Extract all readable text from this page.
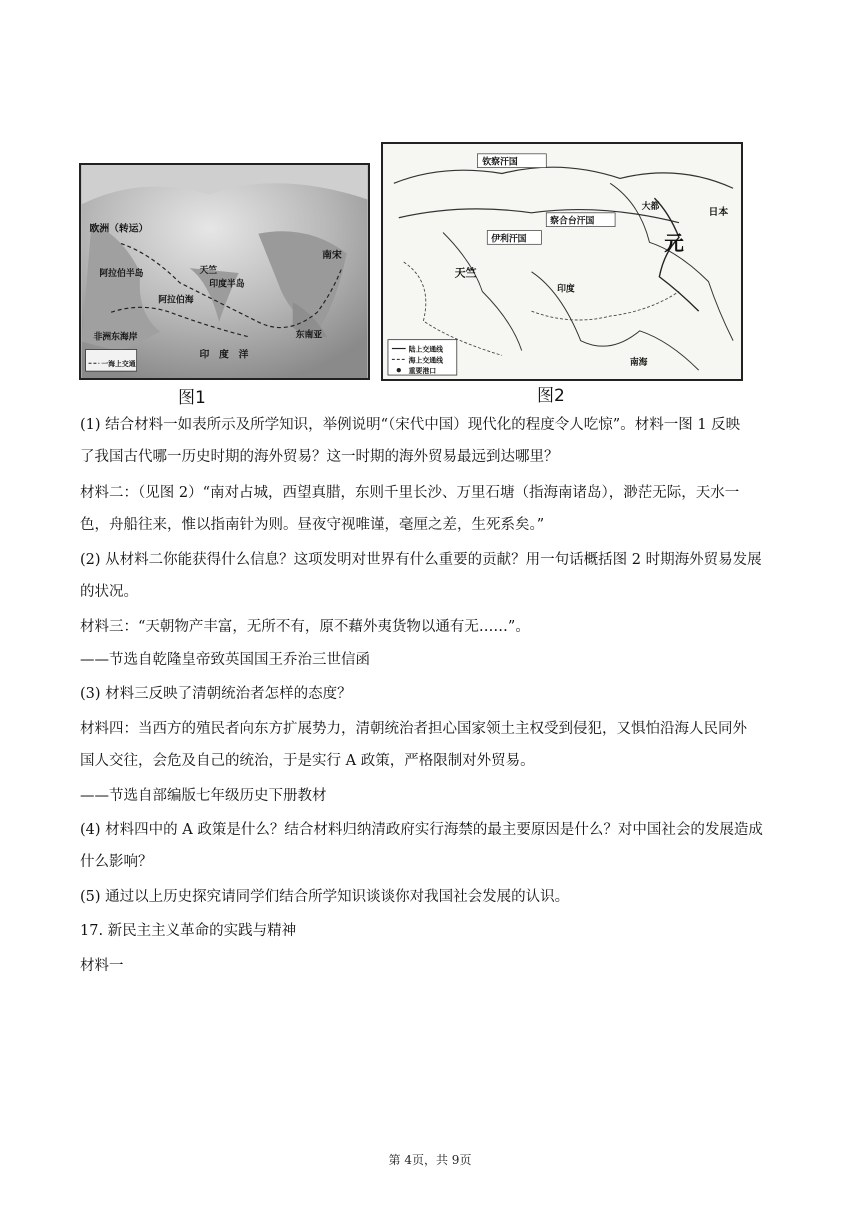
欧洲（转运）
阿拉伯半岛	天竺
印度半岛
南宋
阿拉伯海
东南亚
非洲东海岸
印　度　洋
一海上交通
图1
钦察汗国
察合台汗国
伊利汗国	元
大都	日本
天竺
印度
南海
陆上交通线
海上交通线
重要港口
图2
(1) 结合材料一如表所示及所学知识，举例说明“（宋代中国）现代化的程度令人吃惊”。材料一图 1 反映
了我国古代哪一历史时期的海外贸易？这一时期的海外贸易最远到达哪里？
材料二：（见图 2）“南对占城，西望真腊，东则千里长沙、万里石塘（指海南诸岛），渺茫无际，天水一
色，舟船往来，惟以指南针为则。昼夜守视唯谨，毫厘之差，生死系矣。”
(2) 从材料二你能获得什么信息？这项发明对世界有什么重要的贡献？用一句话概括图 2 时期海外贸易发展
的状况。
材料三：“天朝物产丰富，无所不有，原不藉外夷货物以通有无……”。
——节选自乾隆皇帝致英国国王乔治三世信函
(3) 材料三反映了清朝统治者怎样的态度？
材料四：当西方的殖民者向东方扩展势力，清朝统治者担心国家领土主权受到侵犯，又惧怕沿海人民同外
国人交往，会危及自己的统治，于是实行 A 政策，严格限制对外贸易。
——节选自部编版七年级历史下册教材
(4) 材料四中的 A 政策是什么？结合材料归纳清政府实行海禁的最主要原因是什么？对中国社会的发展造成
什么影响？
(5) 通过以上历史探究请同学们结合所学知识谈谈你对我国社会发展的认识。
17. 新民主主义革命的实践与精神
材料一
第 4页，共 9页
